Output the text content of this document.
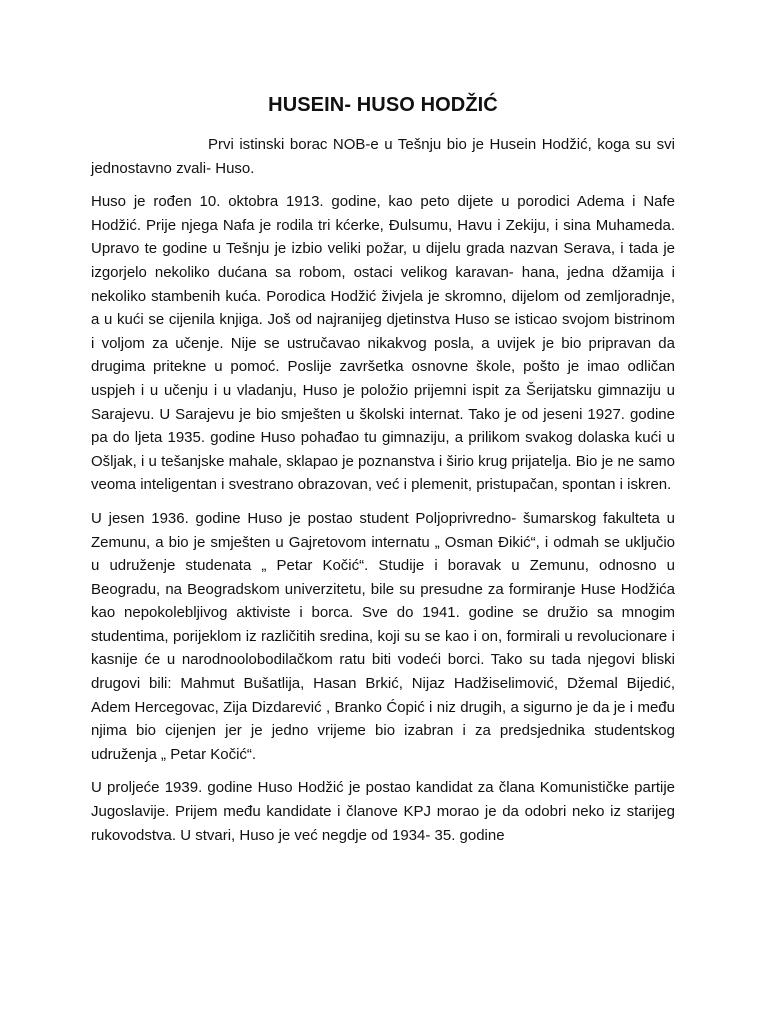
HUSEIN- HUSO HODŽIĆ

Prvi istinski borac NOB-e u Tešnju bio je Husein Hodžić, koga su svi jednostavno zvali- Huso.

Huso je rođen 10. oktobra 1913. godine, kao peto dijete u porodici Adema i Nafe Hodžić. Prije njega Nafa je rodila tri kćerke, Đulsumu, Havu i Zekiju, i sina Muhameda. Upravo te godine u Tešnju je izbio veliki požar, u dijelu grada nazvan Serava, i tada je izgorjelo nekoliko dućana sa robom, ostaci velikog karavan- hana, jedna džamija i nekoliko stambenih kuća. Porodica Hodžić živjela je skromno, dijelom od zemljoradnje, a u kući se cijenila knjiga. Još od najranijeg djetinstva Huso se isticao svojom bistrinom i voljom za učenje. Nije se ustručavao nikakvog posla, a uvijek je bio pripravan da drugima pritekne u pomoć. Poslije završetka osnovne škole, pošto je imao odličan uspjeh i u učenju i u vladanju, Huso je položio prijemni ispit za Šerijatsku gimnaziju u Sarajevu. U Sarajevu je bio smješten u školski internat. Tako je od jeseni 1927. godine pa do ljeta 1935. godine Huso pohađao tu gimnaziju, a prilikom svakog dolaska kući u Ošljak, i u tešanjske mahale, sklapao je poznanstva i širio krug prijatelja. Bio je ne samo veoma inteligentan i svestrano obrazovan, već i plemenit, pristupačan, spontan i iskren.

U jesen 1936. godine Huso je postao student Poljoprivredno- šumarskog fakulteta u Zemunu, a bio je smješten u Gajretovom internatu „ Osman Đikić“, i odmah se uključio u udruženje studenata „ Petar Kočić“. Studije i boravak u Zemunu, odnosno u Beogradu, na Beogradskom univerzitetu, bile su presudne za formiranje Huse Hodžića kao nepokolebljivog aktiviste i borca. Sve do 1941. godine se družio sa mnogim studentima, porijeklom iz različitih sredina, koji su se kao i on, formirali u revolucionare i kasnije će u narodnoolobodilačkom ratu biti vodeći borci. Tako su tada njegovi bliski drugovi bili: Mahmut Bušatlija, Hasan Brkić, Nijaz Hadžiselimović, Džemal Bijedić, Adem Hercegovac, Zija Dizdarević , Branko Ćopić i niz drugih, a sigurno je da je i među njima bio cijenjen jer je jedno vrijeme bio izabran i za predsjednika studentskog udruženja „ Petar Kočić“.

U proljeće 1939. godine Huso Hodžić je postao kandidat za člana Komunističke partije Jugoslavije. Prijem među kandidate i članove KPJ morao je da odobri neko iz starijeg rukovodstva. U stvari, Huso je već negdje od 1934- 35. godine
